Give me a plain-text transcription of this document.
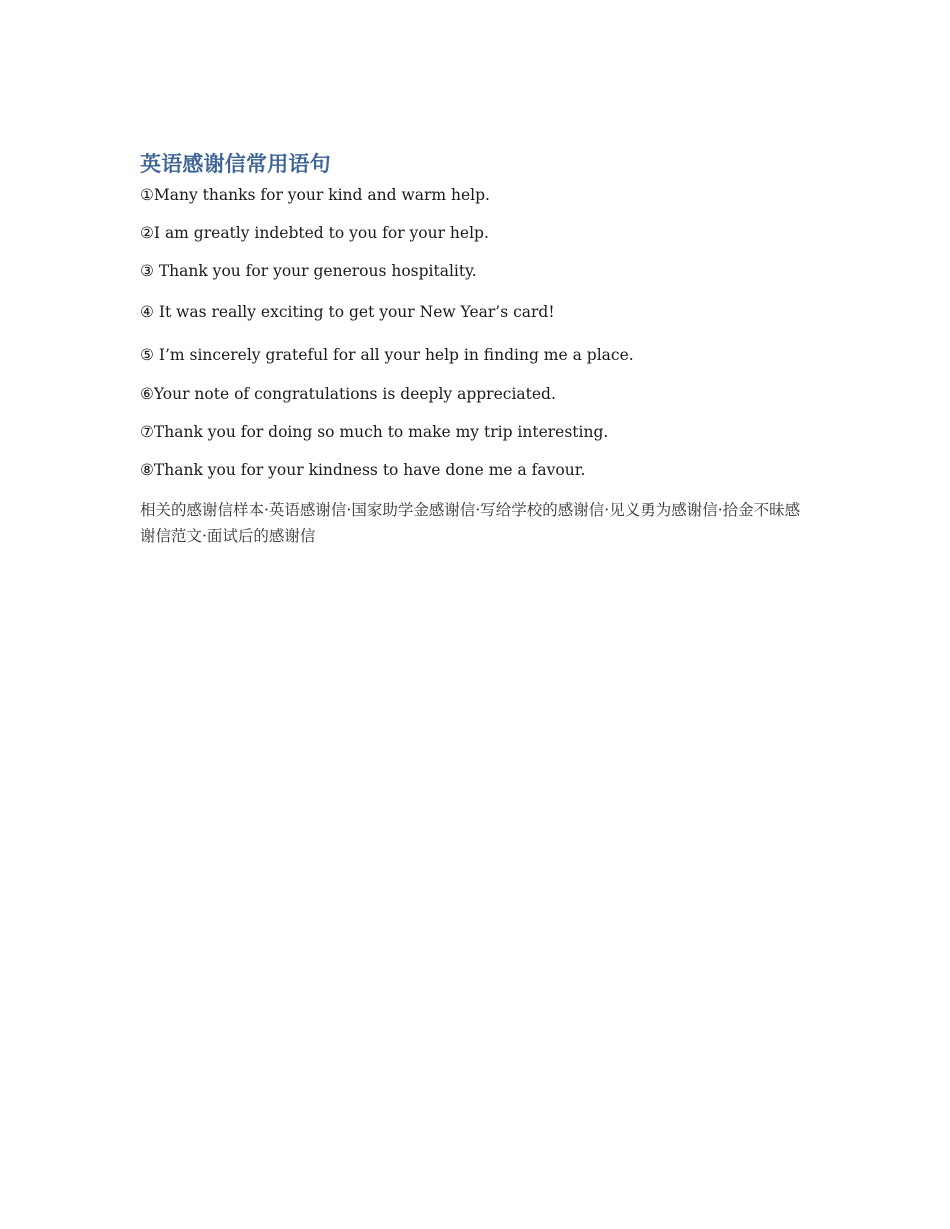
英语感谢信常用语句

①Many thanks for your kind and warm help.

②I am greatly indebted to you for your help.

③ Thank you for your generous hospitality.

④ It was really exciting to get your New Year’s card!

⑤ I’m sincerely grateful for all your help in finding me a place.

⑥Your note of congratulations is deeply appreciated.

⑦Thank you for doing so much to make my trip interesting.

⑧Thank you for your kindness to have done me a favour.

相关的感谢信样本·英语感谢信·国家助学金感谢信·写给学校的感谢信·见义勇为感谢信·拾金不昧感谢信范文·面试后的感谢信
